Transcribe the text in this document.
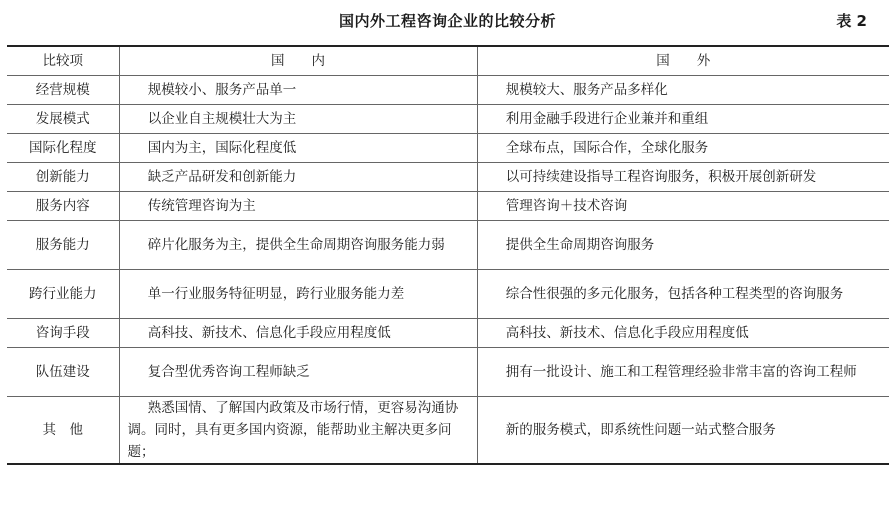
国内外工程咨询企业的比较分析	表 2
比较项	国　　内	国　　外
经营规模	规模较小、服务产品单一	规模较大、服务产品多样化
发展模式	以企业自主规模壮大为主	利用金融手段进行企业兼并和重组
国际化程度	国内为主，国际化程度低	全球布点，国际合作，全球化服务
创新能力	缺乏产品研发和创新能力	以可持续建设指导工程咨询服务，积极开展创新研发
服务内容	传统管理咨询为主	管理咨询＋技术咨询
服务能力	碎片化服务为主，提供全生命周期咨询服务能力弱	提供全生命周期咨询服务
跨行业能力	单一行业服务特征明显，跨行业服务能力差	综合性很强的多元化服务，包括各种工程类型的咨询服务
咨询手段	高科技、新技术、信息化手段应用程度低	高科技、新技术、信息化手段应用程度低
队伍建设	复合型优秀咨询工程师缺乏	拥有一批设计、施工和工程管理经验非常丰富的咨询工程师
其　他	熟悉国情、了解国内政策及市场行情，更容易沟通协调。同时，具有更多国内资源，能帮助业主解决更多问题；	新的服务模式，即系统性问题一站式整合服务
